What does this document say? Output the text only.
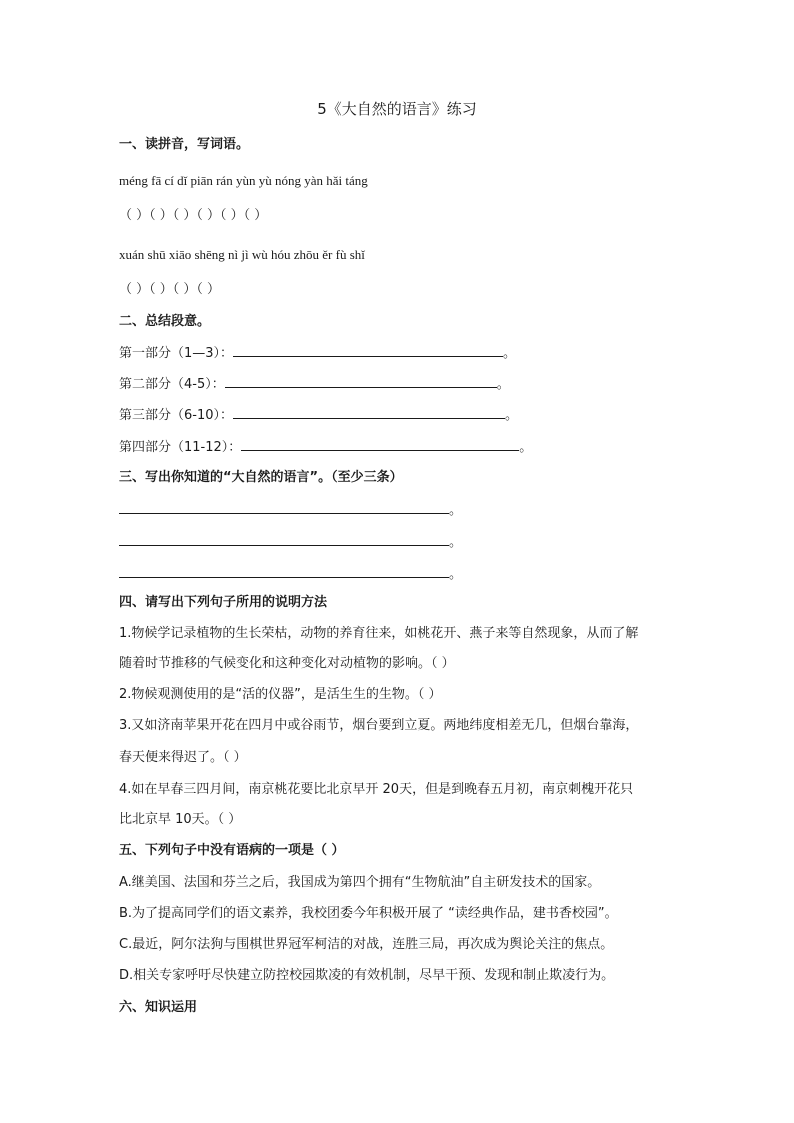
5《大自然的语言》练习
一、读拼音，写词语。
méng fā cí dǐ piān rán yùn yù nóng yàn hǎi táng
（ ）（ ）（ ）（ ）（ ）（ ）
xuán shū xiāo shēng nì jì wù hóu zhōu ěr fù shǐ
（ ）（ ）（ ）（ ）
二、总结段意。
第一部分（1—3）：	。
第二部分（4-5）：	。
第三部分（6-10）：	。
第四部分（11-12）：	。
三、写出你知道的“大自然的语言”。（至少三条）
。
。
。
四、请写出下列句子所用的说明方法
1.物候学记录植物的生长荣枯，动物的养育往来，如桃花开、燕子来等自然现象，从而了解
随着时节推移的气候变化和这种变化对动植物的影响。（ ）
2.物候观测使用的是“活的仪器”，是活生生的生物。（ ）
3.又如济南苹果开花在四月中或谷雨节，烟台要到立夏。两地纬度相差无几，但烟台靠海，
春天便来得迟了。（ ）
4.如在早春三四月间，南京桃花要比北京早开 20天，但是到晚春五月初，南京刺槐开花只
比北京早 10天。（ ）
五、下列句子中没有语病的一项是（ ）
A.继美国、法国和芬兰之后，我国成为第四个拥有“生物航油”自主研发技术的国家。
B.为了提高同学们的语文素养，我校团委今年积极开展了 “读经典作品，建书香校园”。
C.最近，阿尔法狗与围棋世界冠军柯洁的对战，连胜三局，再次成为舆论关注的焦点。
D.相关专家呼吁尽快建立防控校园欺凌的有效机制，尽早干预、发现和制止欺凌行为。
六、知识运用
